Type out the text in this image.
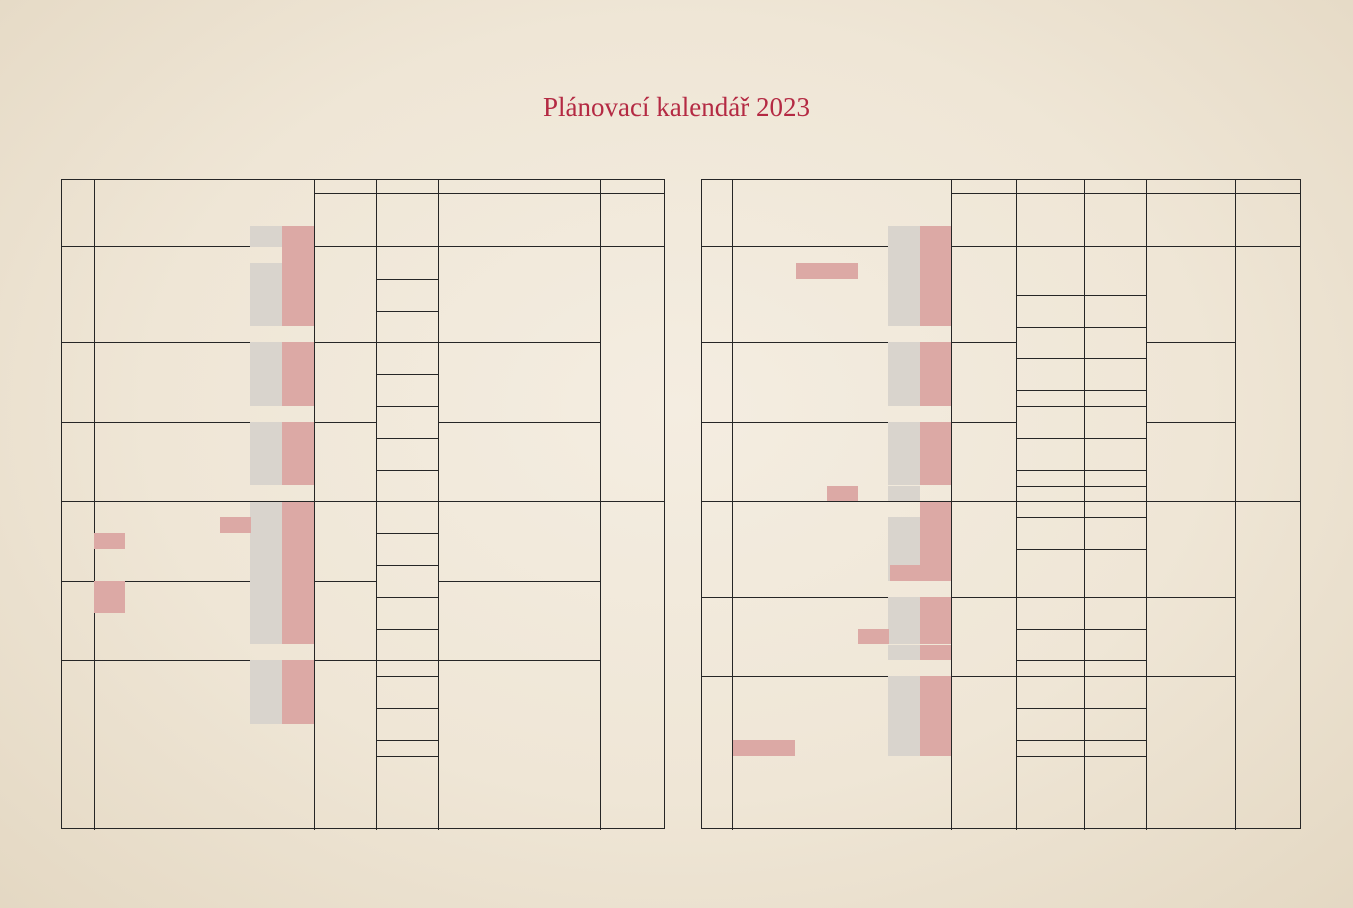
Plánovací kalendář 2023
